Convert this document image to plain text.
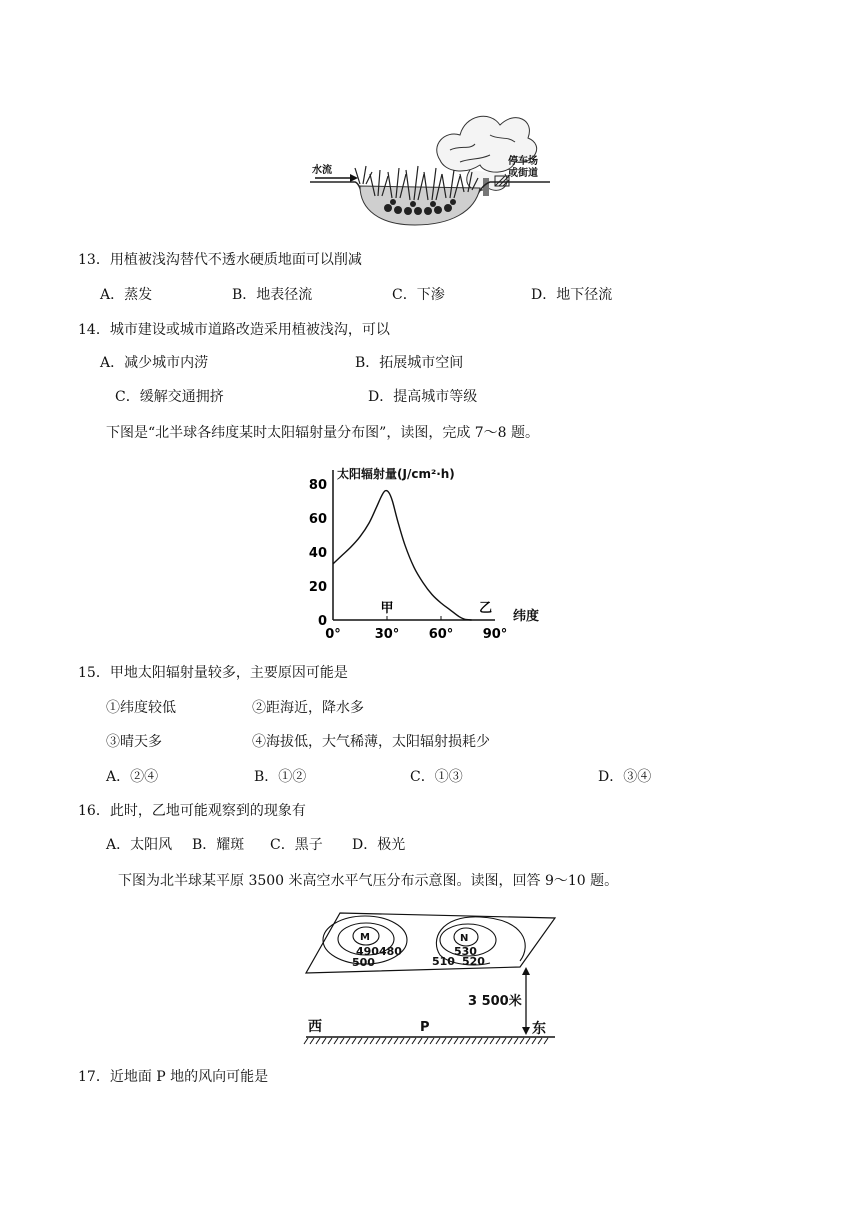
水流
停车场
或街道
13．用植被浅沟替代不透水硬质地面可以削减
A．蒸发	B．地表径流	C．下渗	D．地下径流
14．城市建设或城市道路改造采用植被浅沟，可以
A．减少城市内涝	B．拓展城市空间
C．缓解交通拥挤	D．提高城市等级
下图是“北半球各纬度某时太阳辐射量分布图”，读图，完成 7～8 题。
太阳辐射量(J/cm²·h)
0
20
40
60
80
0°	30° 60° 90°
甲	乙
纬度
15．甲地太阳辐射量较多，主要原因可能是
①纬度较低	②距海近，降水多
③晴天多	④海拔低，大气稀薄，太阳辐射损耗少
A．②④	B．①②	C．①③	D．③④
16．此时，乙地可能观察到的现象有
A．太阳风 B．耀斑 C．黑子 D．极光
下图为北半球某平原 3500 米高空水平气压分布示意图。读图，回答 9～10 题。
M	N
490 480
500
530
510 520
3 500米
西	P	东
17．近地面 P 地的风向可能是
